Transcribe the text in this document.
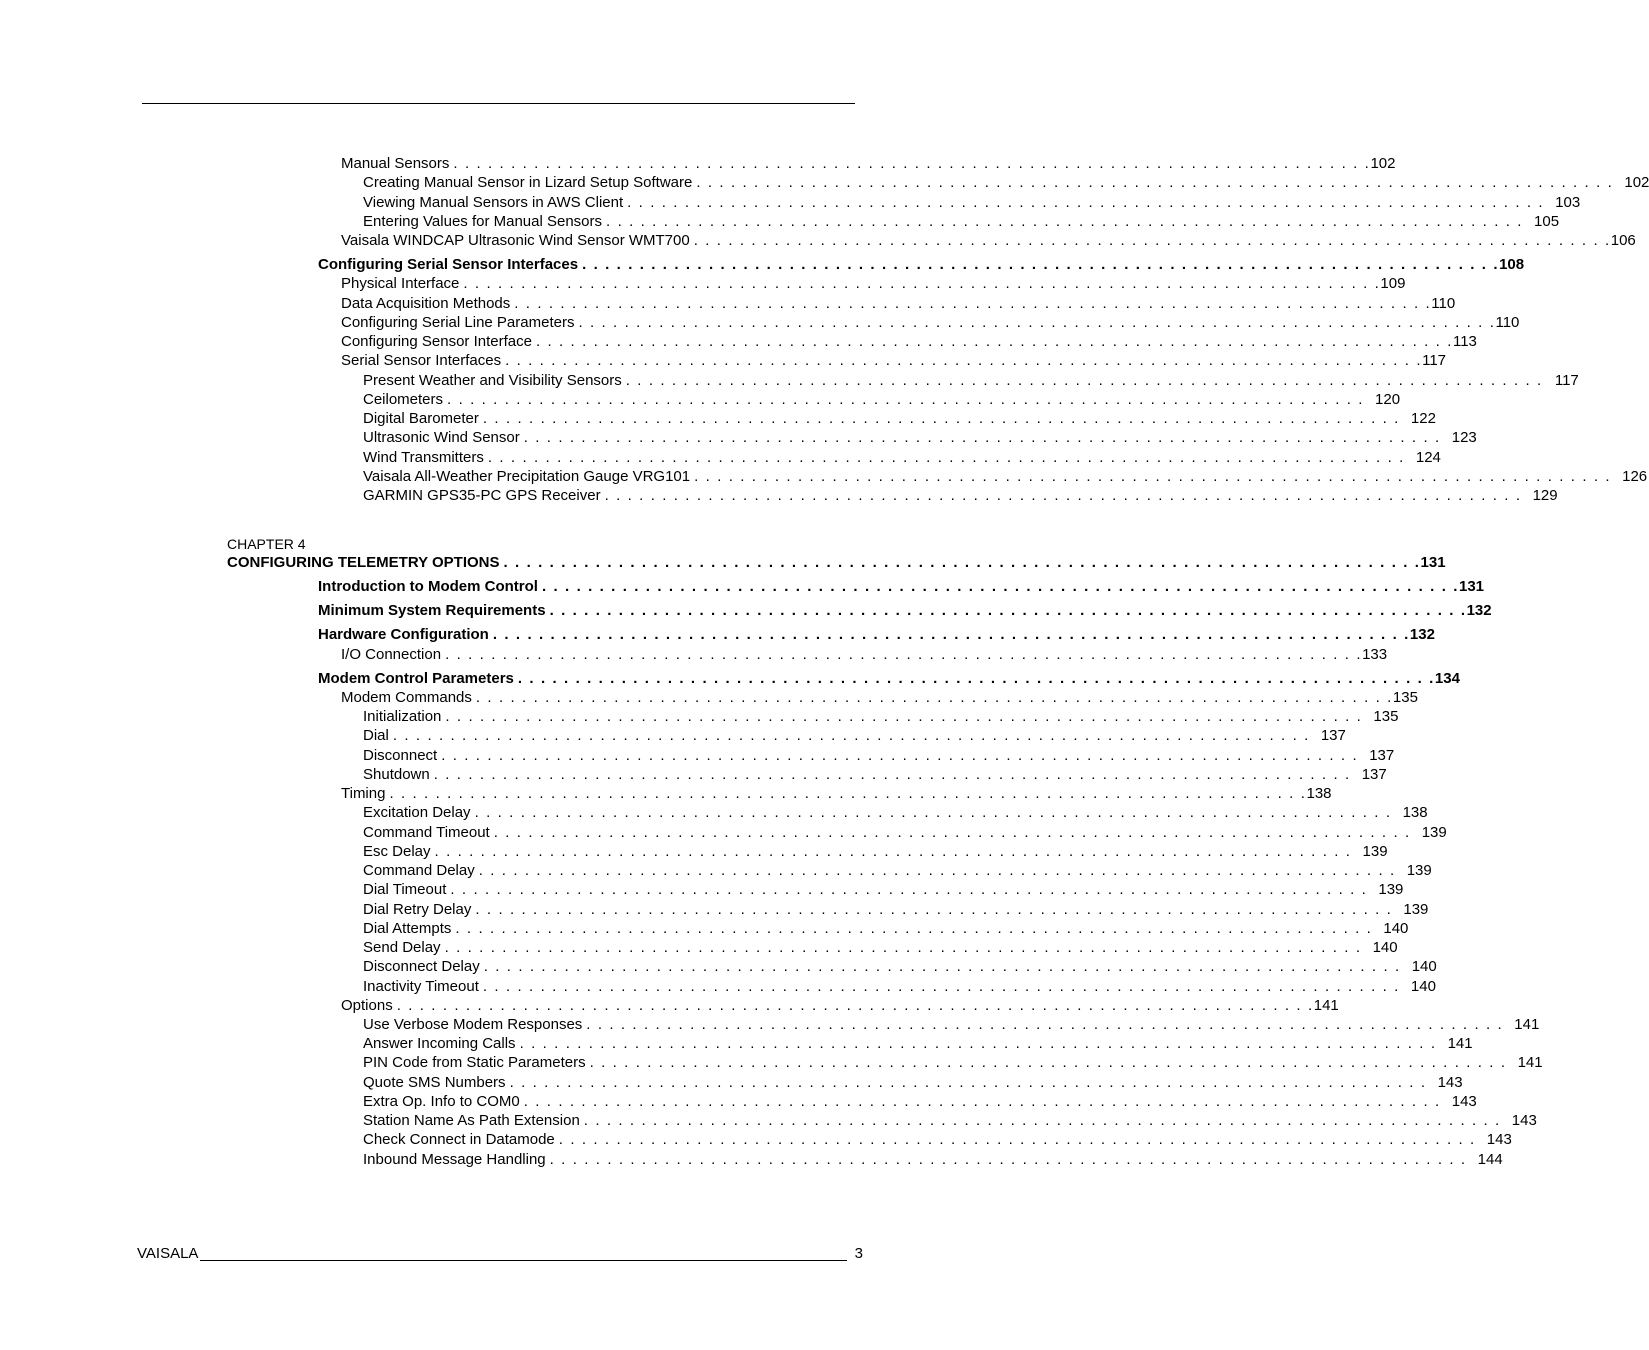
CHAPTER 4
Manual Sensors . . . . . . . . . . . . . . . . . . . . . . . . . . . . . . . . . . . . . . . . . . . . . . . . . . . . . . . . . . . . . . . . . . . . . . . . . . . . . . . . 102
Creating Manual Sensor in Lizard Setup Software . . . . . . . . . . . . . . . . . . . . . . . . . . . . . . . . . . . . . . . . . . . . . . . . . . . . . . . . . . . . . . . . . . . . . . . . . . . . . . . . 102
Viewing Manual Sensors in AWS Client . . . . . . . . . . . . . . . . . . . . . . . . . . . . . . . . . . . . . . . . . . . . . . . . . . . . . . . . . . . . . . . . . . . . . . . . . . . . . . . . 103
Entering Values for Manual Sensors . . . . . . . . . . . . . . . . . . . . . . . . . . . . . . . . . . . . . . . . . . . . . . . . . . . . . . . . . . . . . . . . . . . . . . . . . . . . . . . . 105
Vaisala WINDCAP Ultrasonic Wind Sensor WMT700 . . . . . . . . . . . . . . . . . . . . . . . . . . . . . . . . . . . . . . . . . . . . . . . . . . . . . . . . . . . . . . . . . . . . . . . . . . . . . . . . 106
Configuring Serial Sensor Interfaces . . . . . . . . . . . . . . . . . . . . . . . . . . . . . . . . . . . . . . . . . . . . . . . . . . . . . . . . . . . . . . . . . . . . . . . . . . . . . . . . 108
Physical Interface . . . . . . . . . . . . . . . . . . . . . . . . . . . . . . . . . . . . . . . . . . . . . . . . . . . . . . . . . . . . . . . . . . . . . . . . . . . . . . . . 109
Data Acquisition Methods . . . . . . . . . . . . . . . . . . . . . . . . . . . . . . . . . . . . . . . . . . . . . . . . . . . . . . . . . . . . . . . . . . . . . . . . . . . . . . . . 110
Configuring Serial Line Parameters . . . . . . . . . . . . . . . . . . . . . . . . . . . . . . . . . . . . . . . . . . . . . . . . . . . . . . . . . . . . . . . . . . . . . . . . . . . . . . . . 110
Configuring Sensor Interface . . . . . . . . . . . . . . . . . . . . . . . . . . . . . . . . . . . . . . . . . . . . . . . . . . . . . . . . . . . . . . . . . . . . . . . . . . . . . . . . 113
Serial Sensor Interfaces . . . . . . . . . . . . . . . . . . . . . . . . . . . . . . . . . . . . . . . . . . . . . . . . . . . . . . . . . . . . . . . . . . . . . . . . . . . . . . . . 117
Present Weather and Visibility Sensors . . . . . . . . . . . . . . . . . . . . . . . . . . . . . . . . . . . . . . . . . . . . . . . . . . . . . . . . . . . . . . . . . . . . . . . . . . . . . . . . 117
Ceilometers . . . . . . . . . . . . . . . . . . . . . . . . . . . . . . . . . . . . . . . . . . . . . . . . . . . . . . . . . . . . . . . . . . . . . . . . . . . . . . . . 120
Digital Barometer . . . . . . . . . . . . . . . . . . . . . . . . . . . . . . . . . . . . . . . . . . . . . . . . . . . . . . . . . . . . . . . . . . . . . . . . . . . . . . . . 122
Ultrasonic Wind Sensor . . . . . . . . . . . . . . . . . . . . . . . . . . . . . . . . . . . . . . . . . . . . . . . . . . . . . . . . . . . . . . . . . . . . . . . . . . . . . . . . 123
Wind Transmitters . . . . . . . . . . . . . . . . . . . . . . . . . . . . . . . . . . . . . . . . . . . . . . . . . . . . . . . . . . . . . . . . . . . . . . . . . . . . . . . . 124
Vaisala All-Weather Precipitation Gauge VRG101 . . . . . . . . . . . . . . . . . . . . . . . . . . . . . . . . . . . . . . . . . . . . . . . . . . . . . . . . . . . . . . . . . . . . . . . . . . . . . . . . 126
GARMIN GPS35-PC GPS Receiver . . . . . . . . . . . . . . . . . . . . . . . . . . . . . . . . . . . . . . . . . . . . . . . . . . . . . . . . . . . . . . . . . . . . . . . . . . . . . . . . 129
CONFIGURING TELEMETRY OPTIONS . . . . . . . . . . . . . . . . . . . . . . . . . . . . . . . . . . . . . . . . . . . . . . . . . . . . . . . . . . . . . . . . . . . . . . . . . . . . . . . . 131
Introduction to Modem Control . . . . . . . . . . . . . . . . . . . . . . . . . . . . . . . . . . . . . . . . . . . . . . . . . . . . . . . . . . . . . . . . . . . . . . . . . . . . . . . . 131
Minimum System Requirements . . . . . . . . . . . . . . . . . . . . . . . . . . . . . . . . . . . . . . . . . . . . . . . . . . . . . . . . . . . . . . . . . . . . . . . . . . . . . . . . 132
Hardware Configuration . . . . . . . . . . . . . . . . . . . . . . . . . . . . . . . . . . . . . . . . . . . . . . . . . . . . . . . . . . . . . . . . . . . . . . . . . . . . . . . . 132
I/O Connection . . . . . . . . . . . . . . . . . . . . . . . . . . . . . . . . . . . . . . . . . . . . . . . . . . . . . . . . . . . . . . . . . . . . . . . . . . . . . . . . 133
Modem Control Parameters . . . . . . . . . . . . . . . . . . . . . . . . . . . . . . . . . . . . . . . . . . . . . . . . . . . . . . . . . . . . . . . . . . . . . . . . . . . . . . . . 134
Modem Commands . . . . . . . . . . . . . . . . . . . . . . . . . . . . . . . . . . . . . . . . . . . . . . . . . . . . . . . . . . . . . . . . . . . . . . . . . . . . . . . . 135
Initialization . . . . . . . . . . . . . . . . . . . . . . . . . . . . . . . . . . . . . . . . . . . . . . . . . . . . . . . . . . . . . . . . . . . . . . . . . . . . . . . . 135
Dial . . . . . . . . . . . . . . . . . . . . . . . . . . . . . . . . . . . . . . . . . . . . . . . . . . . . . . . . . . . . . . . . . . . . . . . . . . . . . . . . 137
Disconnect . . . . . . . . . . . . . . . . . . . . . . . . . . . . . . . . . . . . . . . . . . . . . . . . . . . . . . . . . . . . . . . . . . . . . . . . . . . . . . . . 137
Shutdown . . . . . . . . . . . . . . . . . . . . . . . . . . . . . . . . . . . . . . . . . . . . . . . . . . . . . . . . . . . . . . . . . . . . . . . . . . . . . . . . 137
Timing . . . . . . . . . . . . . . . . . . . . . . . . . . . . . . . . . . . . . . . . . . . . . . . . . . . . . . . . . . . . . . . . . . . . . . . . . . . . . . . . 138
Excitation Delay . . . . . . . . . . . . . . . . . . . . . . . . . . . . . . . . . . . . . . . . . . . . . . . . . . . . . . . . . . . . . . . . . . . . . . . . . . . . . . . . 138
Command Timeout . . . . . . . . . . . . . . . . . . . . . . . . . . . . . . . . . . . . . . . . . . . . . . . . . . . . . . . . . . . . . . . . . . . . . . . . . . . . . . . . 139
Esc Delay . . . . . . . . . . . . . . . . . . . . . . . . . . . . . . . . . . . . . . . . . . . . . . . . . . . . . . . . . . . . . . . . . . . . . . . . . . . . . . . . 139
Command Delay . . . . . . . . . . . . . . . . . . . . . . . . . . . . . . . . . . . . . . . . . . . . . . . . . . . . . . . . . . . . . . . . . . . . . . . . . . . . . . . . 139
Dial Timeout . . . . . . . . . . . . . . . . . . . . . . . . . . . . . . . . . . . . . . . . . . . . . . . . . . . . . . . . . . . . . . . . . . . . . . . . . . . . . . . . 139
Dial Retry Delay . . . . . . . . . . . . . . . . . . . . . . . . . . . . . . . . . . . . . . . . . . . . . . . . . . . . . . . . . . . . . . . . . . . . . . . . . . . . . . . . 139
Dial Attempts . . . . . . . . . . . . . . . . . . . . . . . . . . . . . . . . . . . . . . . . . . . . . . . . . . . . . . . . . . . . . . . . . . . . . . . . . . . . . . . . 140
Send Delay . . . . . . . . . . . . . . . . . . . . . . . . . . . . . . . . . . . . . . . . . . . . . . . . . . . . . . . . . . . . . . . . . . . . . . . . . . . . . . . . 140
Disconnect Delay . . . . . . . . . . . . . . . . . . . . . . . . . . . . . . . . . . . . . . . . . . . . . . . . . . . . . . . . . . . . . . . . . . . . . . . . . . . . . . . . 140
Inactivity Timeout . . . . . . . . . . . . . . . . . . . . . . . . . . . . . . . . . . . . . . . . . . . . . . . . . . . . . . . . . . . . . . . . . . . . . . . . . . . . . . . . 140
Options . . . . . . . . . . . . . . . . . . . . . . . . . . . . . . . . . . . . . . . . . . . . . . . . . . . . . . . . . . . . . . . . . . . . . . . . . . . . . . . . 141
Use Verbose Modem Responses . . . . . . . . . . . . . . . . . . . . . . . . . . . . . . . . . . . . . . . . . . . . . . . . . . . . . . . . . . . . . . . . . . . . . . . . . . . . . . . . 141
Answer Incoming Calls . . . . . . . . . . . . . . . . . . . . . . . . . . . . . . . . . . . . . . . . . . . . . . . . . . . . . . . . . . . . . . . . . . . . . . . . . . . . . . . . 141
PIN Code from Static Parameters . . . . . . . . . . . . . . . . . . . . . . . . . . . . . . . . . . . . . . . . . . . . . . . . . . . . . . . . . . . . . . . . . . . . . . . . . . . . . . . . 141
Quote SMS Numbers . . . . . . . . . . . . . . . . . . . . . . . . . . . . . . . . . . . . . . . . . . . . . . . . . . . . . . . . . . . . . . . . . . . . . . . . . . . . . . . . 143
Extra Op. Info to COM0 . . . . . . . . . . . . . . . . . . . . . . . . . . . . . . . . . . . . . . . . . . . . . . . . . . . . . . . . . . . . . . . . . . . . . . . . . . . . . . . . 143
Station Name As Path Extension . . . . . . . . . . . . . . . . . . . . . . . . . . . . . . . . . . . . . . . . . . . . . . . . . . . . . . . . . . . . . . . . . . . . . . . . . . . . . . . . 143
Check Connect in Datamode . . . . . . . . . . . . . . . . . . . . . . . . . . . . . . . . . . . . . . . . . . . . . . . . . . . . . . . . . . . . . . . . . . . . . . . . . . . . . . . . 143
Inbound Message Handling . . . . . . . . . . . . . . . . . . . . . . . . . . . . . . . . . . . . . . . . . . . . . . . . . . . . . . . . . . . . . . . . . . . . . . . . . . . . . . . . 144
VAISALA	3
